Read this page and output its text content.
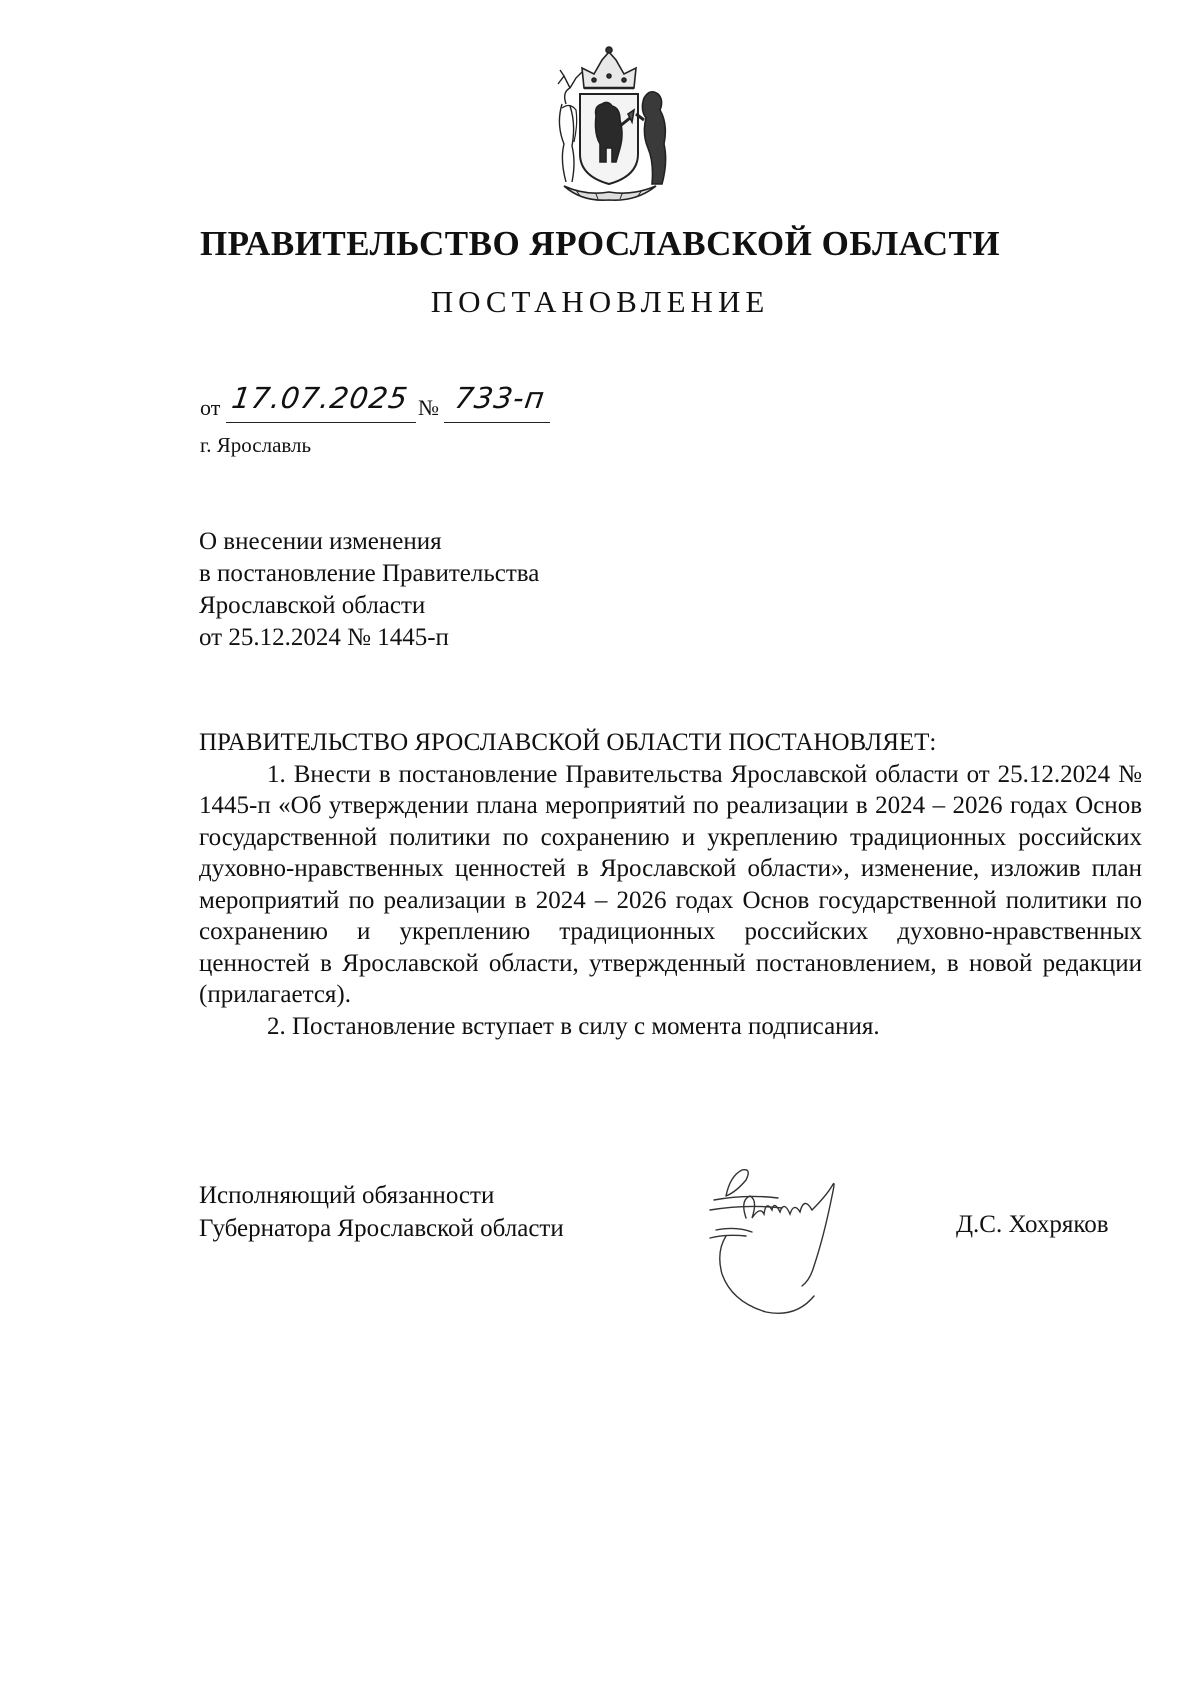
ПРАВИТЕЛЬСТВО ЯРОСЛАВСКОЙ ОБЛАСТИ
ПОСТАНОВЛЕНИЕ
от 17.07.2025 № 733-п
г. Ярославль
О внесении изменения
в постановление Правительства
Ярославской области
от 25.12.2024 № 1445-п
ПРАВИТЕЛЬСТВО ЯРОСЛАВСКОЙ ОБЛАСТИ ПОСТАНОВЛЯЕТ:

1. Внести в постановление Правительства Ярославской области от 25.12.2024 № 1445-п «Об утверждении плана мероприятий по реализации в 2024 – 2026 годах Основ государственной политики по сохранению и укреплению традиционных российских духовно-нравственных ценностей в Ярославской области», изменение, изложив план мероприятий по реализации в 2024 – 2026 годах Основ государственной политики по сохранению и укреплению традиционных российских духовно-нравственных ценностей в Ярославской области, утвержденный постановлением, в новой редакции (прилагается).

2. Постановление вступает в силу с момента подписания.

Исполняющий обязанности
Губернатора Ярославской области	Д.С. Хохряков
